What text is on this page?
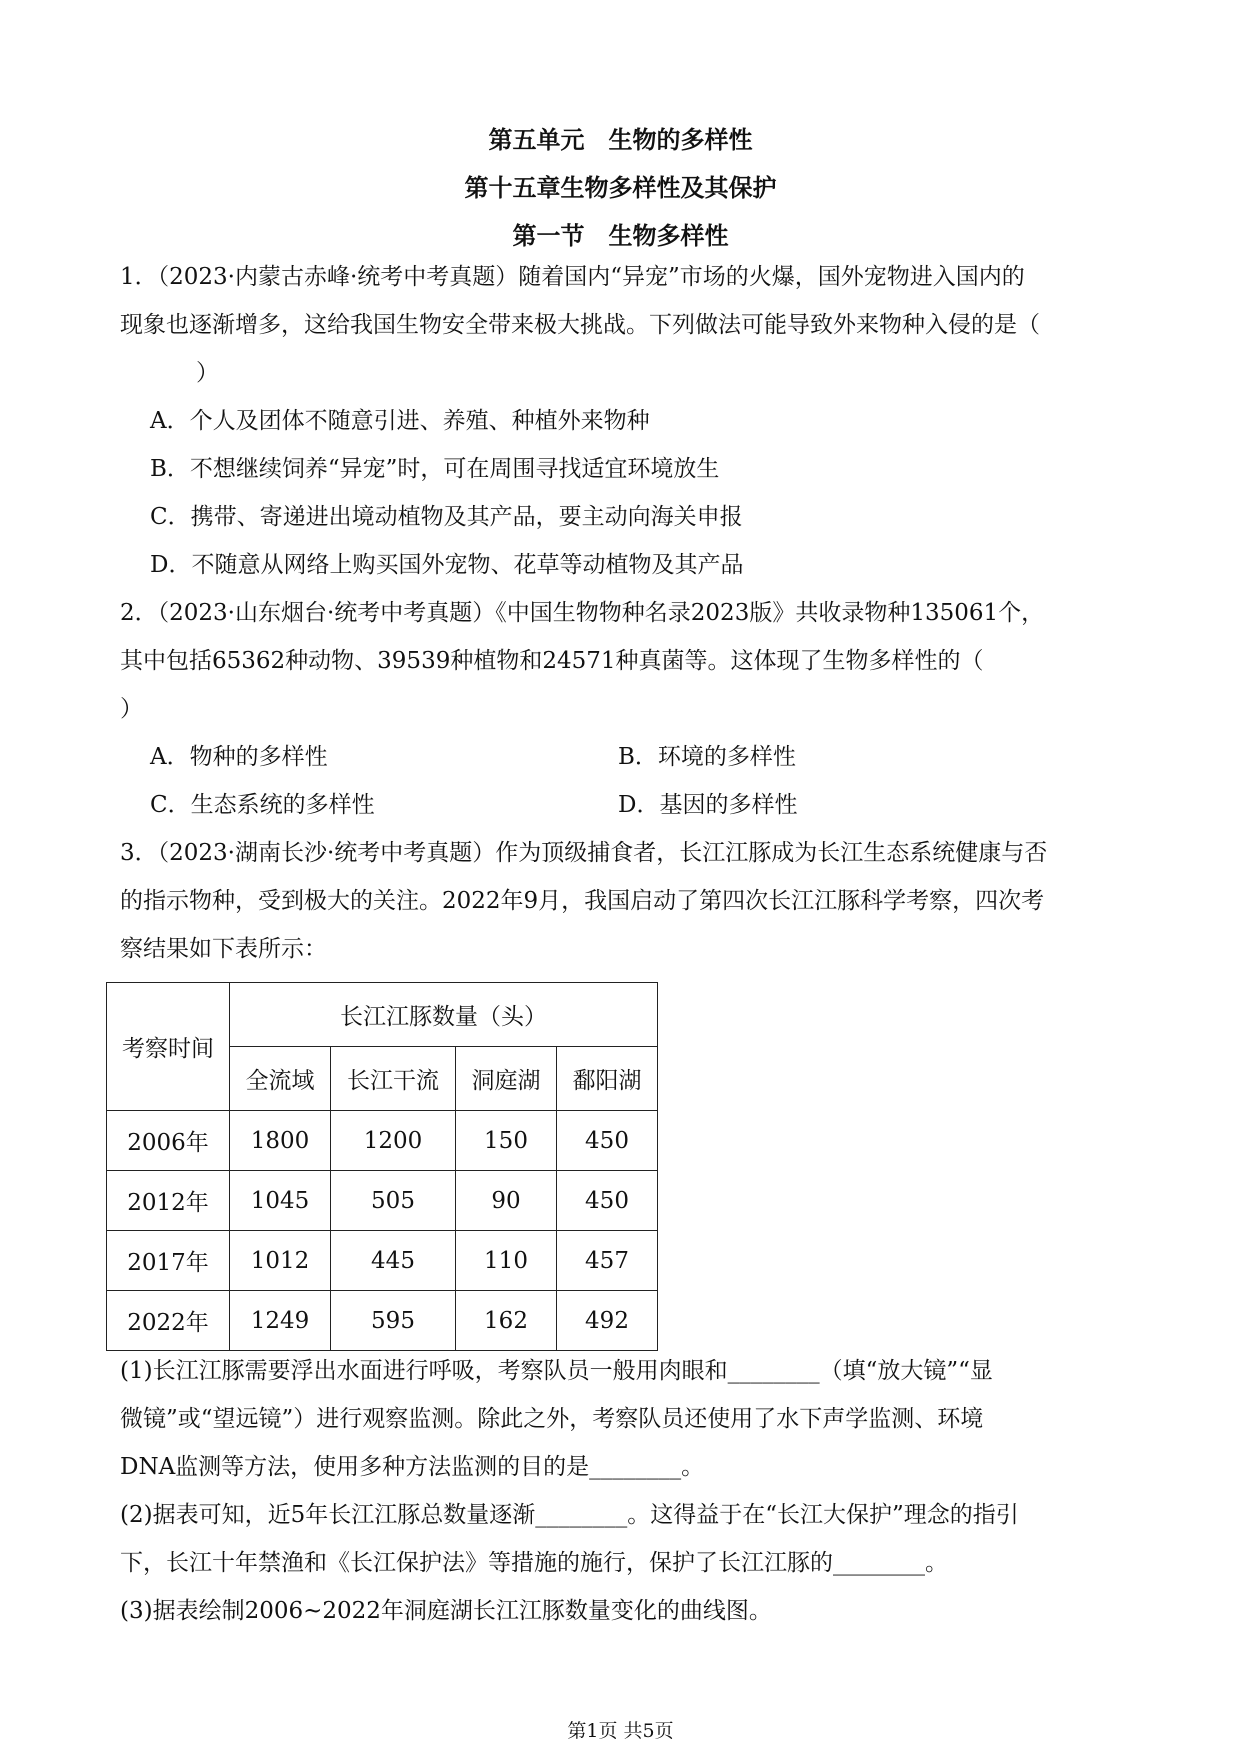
第五单元　生物的多样性
第十五章生物多样性及其保护
第一节　生物多样性
1．（2023·内蒙古赤峰·统考中考真题）随着国内“异宠”市场的火爆，国外宠物进入国内的
现象也逐渐增多，这给我国生物安全带来极大挑战。下列做法可能导致外来物种入侵的是（
）
A．个人及团体不随意引进、养殖、种植外来物种
B．不想继续饲养“异宠”时，可在周围寻找适宜环境放生
C．携带、寄递进出境动植物及其产品，要主动向海关申报
D．不随意从网络上购买国外宠物、花草等动植物及其产品
2．（2023·山东烟台·统考中考真题）《中国生物物种名录2023版》共收录物种135061个，
其中包括65362种动物、39539种植物和24571种真菌等。这体现了生物多样性的（
）
A．物种的多样性	B．环境的多样性
C．生态系统的多样性	D．基因的多样性
3．（2023·湖南长沙·统考中考真题）作为顶级捕食者，长江江豚成为长江生态系统健康与否
的指示物种，受到极大的关注。2022年9月，我国启动了第四次长江江豚科学考察，四次考
察结果如下表所示：
考察时间	长江江豚数量（头）			
	全流域	长江干流	洞庭湖	鄱阳湖
2006年	1800	1200	150	450
2012年	1045	505	90	450
2017年	1012	445	110	457
2022年	1249	595	162	492
(1)长江江豚需要浮出水面进行呼吸，考察队员一般用肉眼和________（填“放大镜”“显
微镜”或“望远镜”）进行观察监测。除此之外，考察队员还使用了水下声学监测、环境
DNA监测等方法，使用多种方法监测的目的是________。
(2)据表可知，近5年长江江豚总数量逐渐________。这得益于在“长江大保护”理念的指引
下，长江十年禁渔和《长江保护法》等措施的施行，保护了长江江豚的________。
(3)据表绘制2006~2022年洞庭湖长江江豚数量变化的曲线图。
第1页 共5页
